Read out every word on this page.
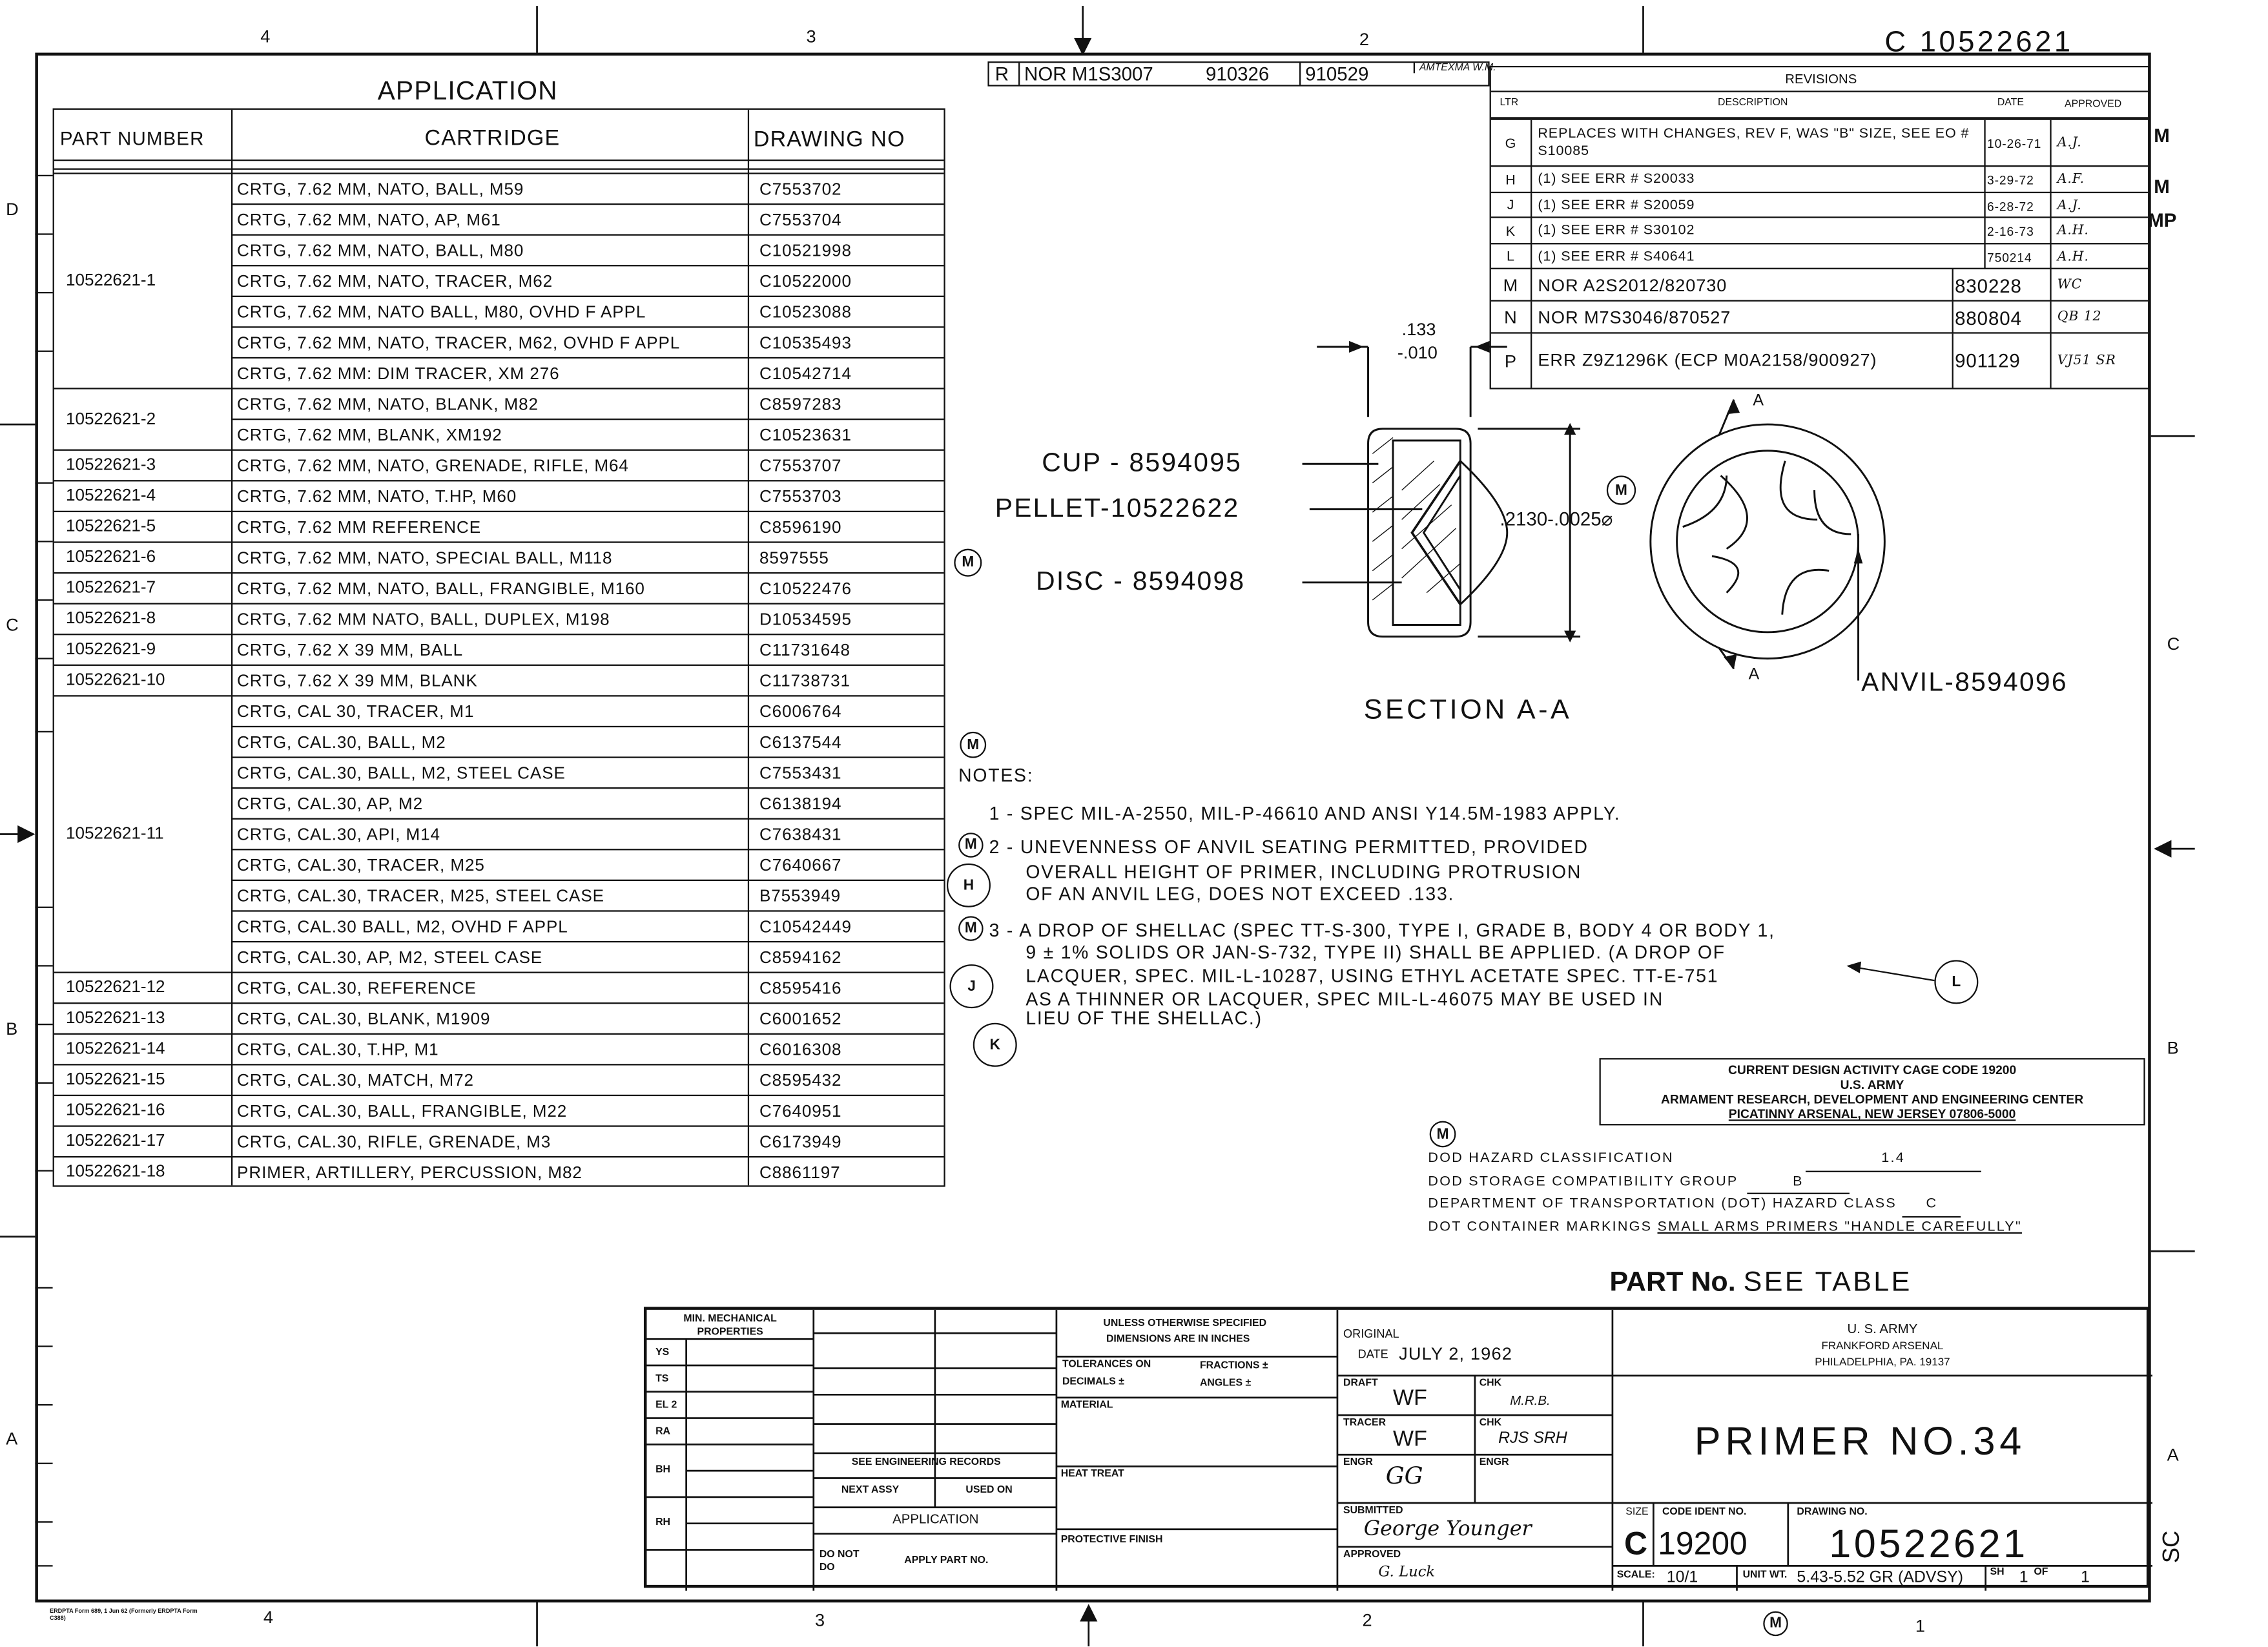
C 10522621
4	3	2
4	3	2	1
D
C
B
A
C
B
A
APPLICATION
PART NUMBER	CARTRIDGE	DRAWING NO
10522621-1
CRTG, 7.62 MM, NATO, BALL, M59	C7553702
CRTG, 7.62 MM, NATO, AP, M61	C7553704
CRTG, 7.62 MM, NATO, BALL, M80	C10521998
CRTG, 7.62 MM, NATO, TRACER, M62	C10522000
CRTG, 7.62 MM, NATO BALL, M80, OVHD F APPL	C10523088
CRTG, 7.62 MM, NATO, TRACER, M62, OVHD F APPL	C10535493
CRTG, 7.62 MM: DIM TRACER, XM 276	C10542714
10522621-2
CRTG, 7.62 MM, NATO, BLANK, M82	C8597283
CRTG, 7.62 MM, BLANK, XM192	C10523631
10522621-3	CRTG, 7.62 MM, NATO, GRENADE, RIFLE, M64	C7553707
10522621-4	CRTG, 7.62 MM, NATO, T.HP, M60	C7553703
10522621-5	CRTG, 7.62 MM REFERENCE	C8596190
10522621-6	CRTG, 7.62 MM, NATO, SPECIAL BALL, M118	8597555
10522621-7	CRTG, 7.62 MM, NATO, BALL, FRANGIBLE, M160	C10522476
10522621-8	CRTG, 7.62 MM NATO, BALL, DUPLEX, M198	D10534595
10522621-9	CRTG, 7.62 X 39 MM, BALL	C11731648
10522621-10	CRTG, 7.62 X 39 MM, BLANK	C11738731
10522621-11
CRTG, CAL 30, TRACER, M1	C6006764
CRTG, CAL.30, BALL, M2	C6137544
CRTG, CAL.30, BALL, M2, STEEL CASE	C7553431
CRTG, CAL.30, AP, M2	C6138194
CRTG, CAL.30, API, M14	C7638431
CRTG, CAL.30, TRACER, M25	C7640667
CRTG, CAL.30, TRACER, M25, STEEL CASE	B7553949
CRTG, CAL.30 BALL, M2, OVHD F APPL	C10542449
CRTG, CAL.30, AP, M2, STEEL CASE	C8594162
10522621-12	CRTG, CAL.30, REFERENCE	C8595416
10522621-13	CRTG, CAL.30, BLANK, M1909	C6001652
10522621-14	CRTG, CAL.30, T.HP, M1	C6016308
10522621-15	CRTG, CAL.30, MATCH, M72	C8595432
10522621-16	CRTG, CAL.30, BALL, FRANGIBLE, M22	C7640951
10522621-17	CRTG, CAL.30, RIFLE, GRENADE, M3	C6173949
10522621-18	PRIMER, ARTILLERY, PERCUSSION, M82	C8861197
M
R	NOR M1S3007	910326	910529	AMTEXMA W.M.
REVISIONS
LTR	DESCRIPTION	DATE	APPROVED
G
REPLACES WITH CHANGES, REV F, WAS "B" SIZE, SEE EO # S10085	10-26-71	A.J.
H	(1) SEE ERR # S20033	3-29-72	A.F.
J	(1) SEE ERR # S20059	6-28-72	A.J.
K	(1) SEE ERR # S30102	2-16-73	A.H.
L	(1) SEE ERR # S40641	750214	A.H.
M	NOR A2S2012/820730	830228	WC
N	NOR M7S3046/870527	880804	QB 12
P	ERR Z9Z1296K (ECP M0A2158/900927)	901129	VJ51 SR
M
M
MP
CUP - 8594095
PELLET-10522622
DISC - 8594098
.133
-.010
.2130-.0025⌀
M
A
A	ANVIL-8594096
SECTION A-A
M
NOTES:
1 - SPEC MIL-A-2550, MIL-P-46610 AND ANSI Y14.5M-1983 APPLY.
M	2 - UNEVENNESS OF ANVIL SEATING PERMITTED, PROVIDED
OVERALL HEIGHT OF PRIMER, INCLUDING PROTRUSION
OF AN ANVIL LEG, DOES NOT EXCEED .133.
M	3 - A DROP OF SHELLAC (SPEC TT-S-300, TYPE I, GRADE B, BODY 4 OR BODY 1,
9 ± 1% SOLIDS OR JAN-S-732, TYPE II) SHALL BE APPLIED. (A DROP OF
LACQUER, SPEC. MIL-L-10287, USING ETHYL ACETATE SPEC. TT-E-751
AS A THINNER OR LACQUER, SPEC MIL-L-46075 MAY BE USED IN
LIEU OF THE SHELLAC.)
H
J
K
L
CURRENT DESIGN ACTIVITY CAGE CODE 19200
U.S. ARMY
ARMAMENT RESEARCH, DEVELOPMENT AND ENGINEERING CENTER
PICATINNY ARSENAL, NEW JERSEY 07806-5000
M
DOD HAZARD CLASSIFICATION	1.4
DOD STORAGE COMPATIBILITY GROUP	B
DEPARTMENT OF TRANSPORTATION (DOT) HAZARD CLASS	C
DOT CONTAINER MARKINGS SMALL ARMS PRIMERS "HANDLE CAREFULLY"
PART No. SEE TABLE
MIN. MECHANICAL PROPERTIES
YS
TS
EL 2
RA
BH
RH
SEE ENGINEERING RECORDS
NEXT ASSY	USED ON
APPLICATION
DO NOT
DO
APPLY PART NO.
UNLESS OTHERWISE SPECIFIED
DIMENSIONS ARE IN INCHES
TOLERANCES ON	FRACTIONS ±
DECIMALS ±	ANGLES ±
MATERIAL
HEAT TREAT
PROTECTIVE FINISH
ORIGINAL
DATE JULY 2, 1962
DRAFT
WF
CHK
M.R.B.
TRACER
WF
CHK
RJS SRH
ENGR GG	ENGR
SUBMITTED
George Younger
APPROVED
G. Luck
U. S. ARMY
FRANKFORD ARSENAL
PHILADELPHIA, PA. 19137
PRIMER NO.34
SIZE
C
CODE IDENT NO.
19200
DRAWING NO.
10522621
SCALE: 10/1	UNIT WT. 5.43-5.52 GR (ADVSY)	SH 1 OF	1
SC
M
ERDPTA Form 689, 1 Jun 62 (Formerly ERDPTA Form C388)
